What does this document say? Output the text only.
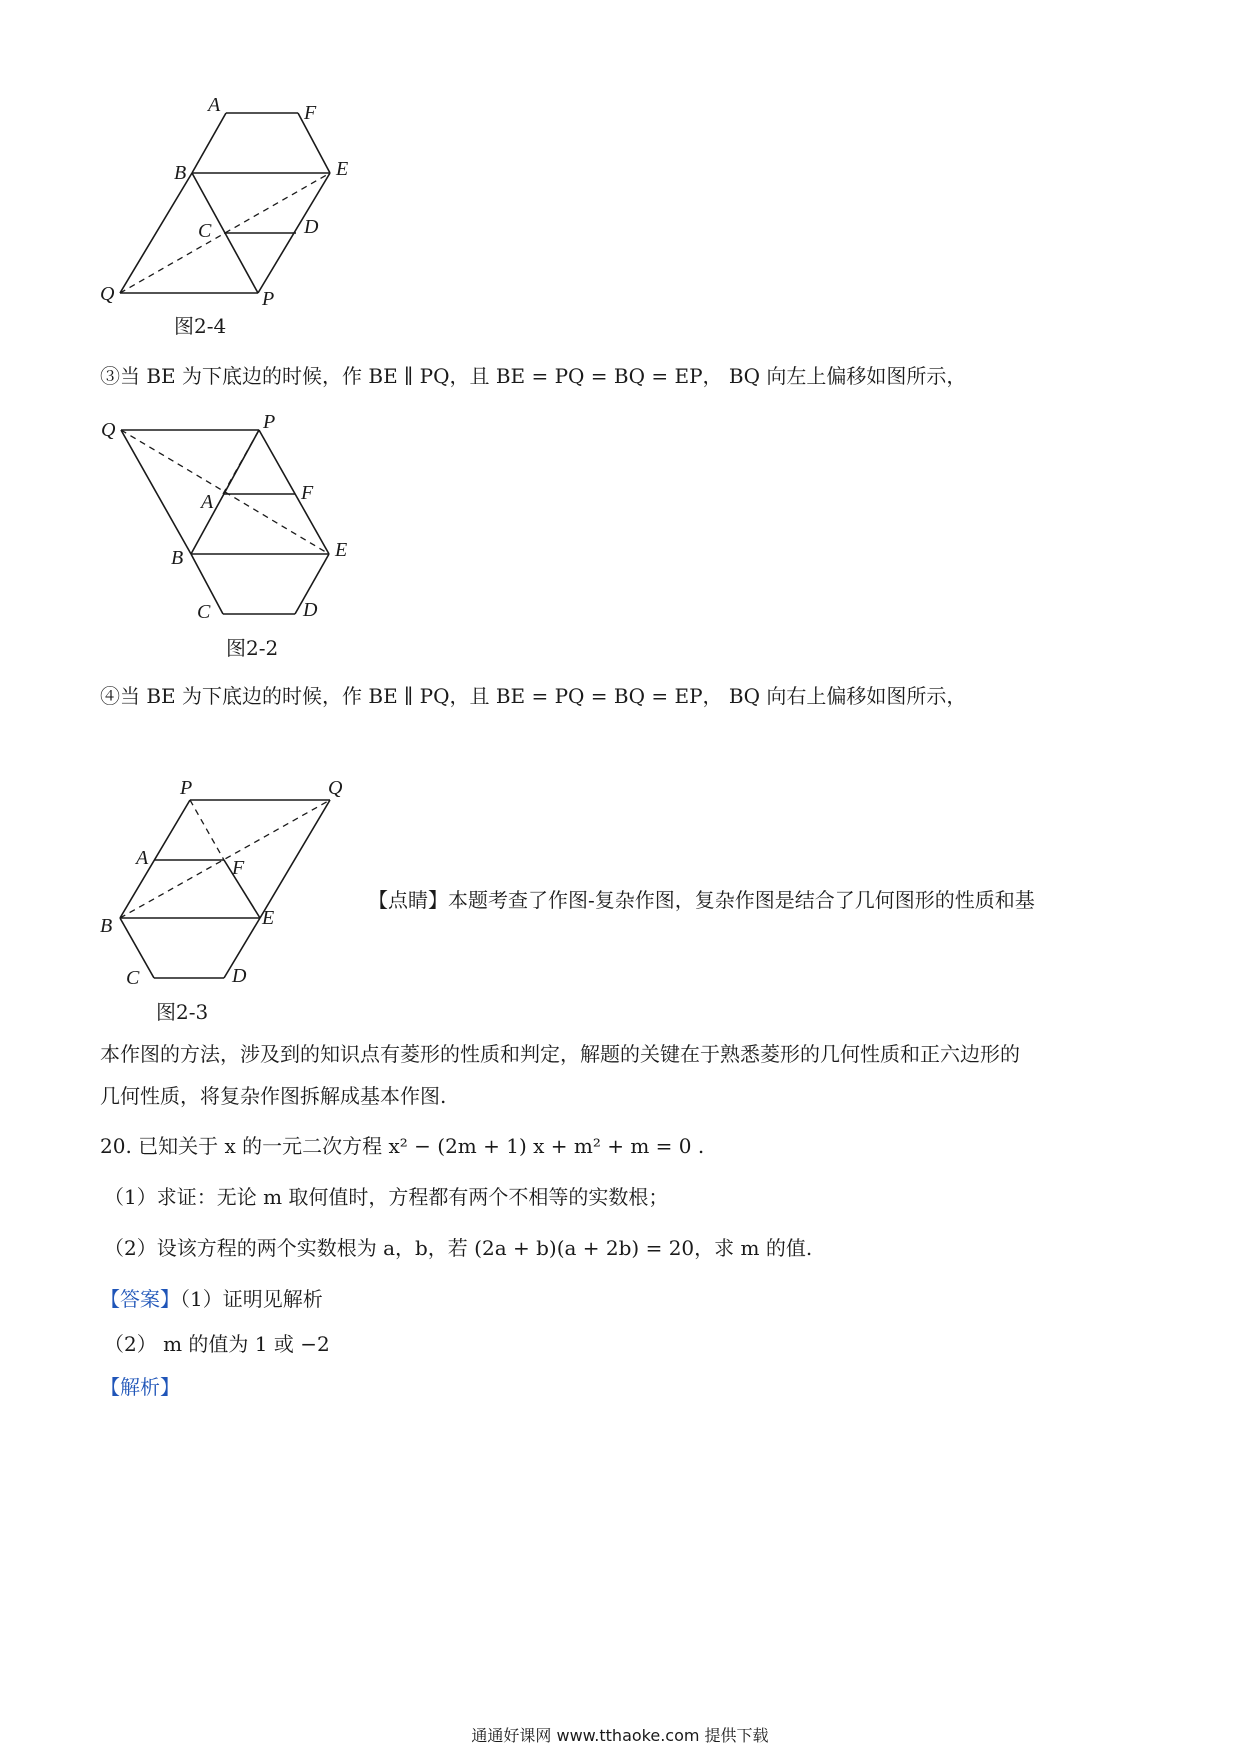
A	F
B	E
C	D
Q	P
图2-4
③当 BE 为下底边的时候，作 BE ∥ PQ，且 BE = PQ = BQ = EP， BQ 向左上偏移如图所示，
Q	P
A	F
B	E
C	D
图2-2
④当 BE 为下底边的时候，作 BE ∥ PQ，且 BE = PQ = BQ = EP， BQ 向右上偏移如图所示，
P	Q
A	F
B	E
C	D
图2-3
【点睛】本题考查了作图-复杂作图，复杂作图是结合了几何图形的性质和基
本作图的方法，涉及到的知识点有菱形的性质和判定，解题的关键在于熟悉菱形的几何性质和正六边形的
几何性质，将复杂作图拆解成基本作图.
20. 已知关于 x 的一元二次方程 x² − (2m + 1) x + m² + m = 0 .
（1）求证：无论 m 取何值时，方程都有两个不相等的实数根；
（2）设该方程的两个实数根为 a，b，若 (2a + b)(a + 2b) = 20，求 m 的值.
【答案】（1）证明见解析
（2） m 的值为 1 或 −2
【解析】
通通好课网 www.tthaoke.com 提供下载
